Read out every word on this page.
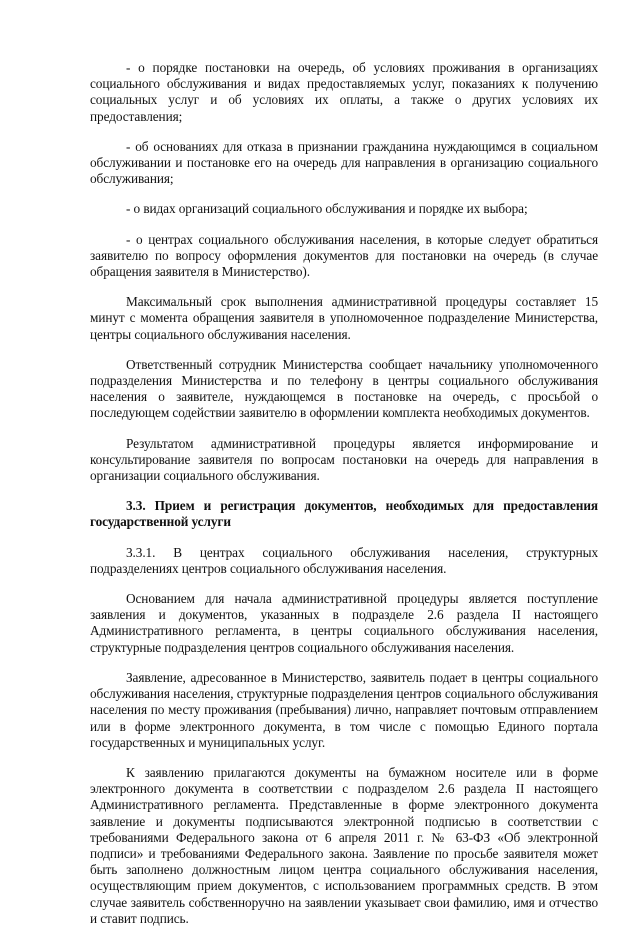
- о порядке постановки на очередь, об условиях проживания в организациях социального обслуживания и видах предоставляемых услуг, показаниях к получению социальных услуг и об условиях их оплаты, а также о других условиях их предоставления;

- об основаниях для отказа в признании гражданина нуждающимся в социальном обслуживании и постановке его на очередь для направления в организацию социального обслуживания;

- о видах организаций социального обслуживания и порядке их выбора;

- о центрах социального обслуживания населения, в которые следует обратиться заявителю по вопросу оформления документов для постановки на очередь (в случае обращения заявителя в Министерство).

Максимальный срок выполнения административной процедуры составляет 15 минут с момента обращения заявителя в уполномоченное подразделение Министерства, центры социального обслуживания населения.

Ответственный сотрудник Министерства сообщает начальнику уполномоченного подразделения Министерства и по телефону в центры социального обслуживания населения о заявителе, нуждающемся в постановке на очередь, с просьбой о последующем содействии заявителю в оформлении комплекта необходимых документов.

Результатом административной процедуры является информирование и консультирование заявителя по вопросам постановки на очередь для направления в организации социального обслуживания.

3.3. Прием и регистрация документов, необходимых для предоставления государственной услуги

3.3.1. В центрах социального обслуживания населения, структурных подразделениях центров социального обслуживания населения.

Основанием для начала административной процедуры является поступление заявления и документов, указанных в подразделе 2.6 раздела II настоящего Административного регламента, в центры социального обслуживания населения, структурные подразделения центров социального обслуживания населения.

Заявление, адресованное в Министерство, заявитель подает в центры социального обслуживания населения, структурные подразделения центров социального обслуживания населения по месту проживания (пребывания) лично, направляет почтовым отправлением или в форме электронного документа, в том числе с помощью Единого портала государственных и муниципальных услуг.

К заявлению прилагаются документы на бумажном носителе или в форме электронного документа в соответствии с подразделом 2.6 раздела II настоящего Административного регламента. Представленные в форме электронного документа заявление и документы подписываются электронной подписью в соответствии с требованиями Федерального закона от 6 апреля 2011 г. № 63-ФЗ «Об электронной подписи» и требованиями Федерального закона. Заявление по просьбе заявителя может быть заполнено должностным лицом центра социального обслуживания населения, осуществляющим прием документов, с использованием программных средств. В этом случае заявитель собственноручно на заявлении указывает свои фамилию, имя и отчество и ставит подпись.
